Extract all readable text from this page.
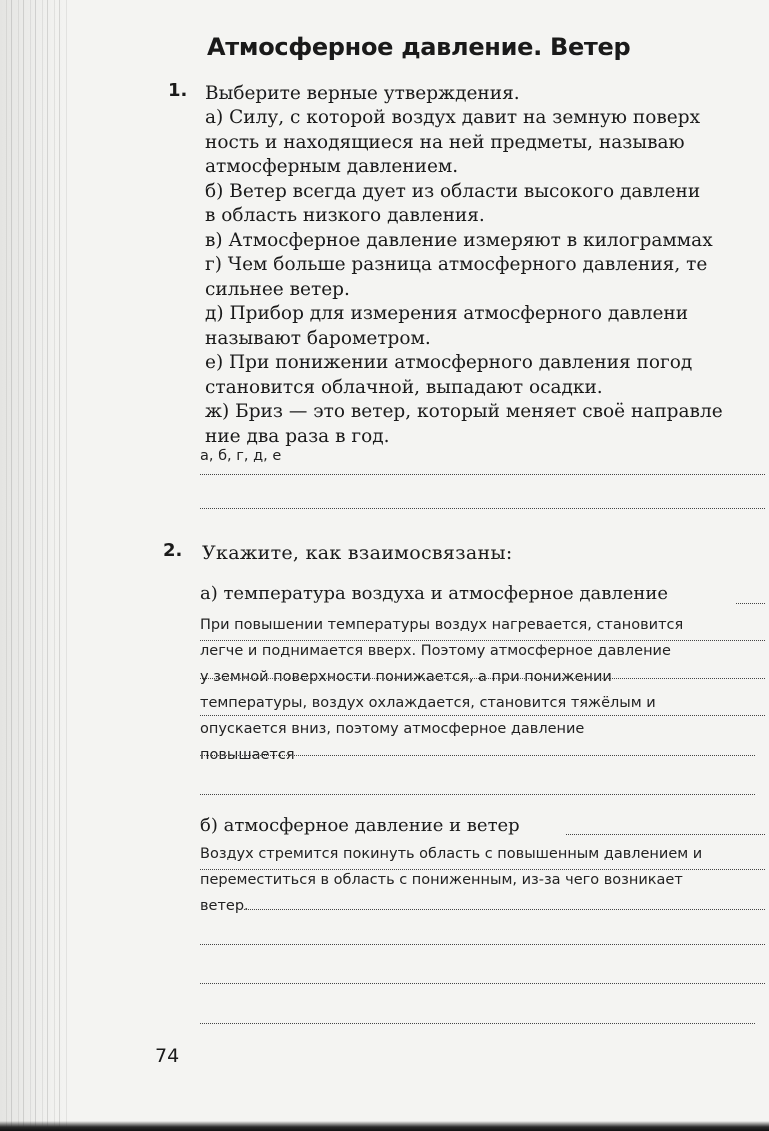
Атмосферное давление. Ветер
1. Выберите верные утверждения.
а) Силу, с которой воздух давит на земную поверх
ность и находящиеся на ней предметы, называю
атмосферным давлением.
б) Ветер всегда дует из области высокого давлени
в область низкого давления.
в) Атмосферное давление измеряют в килограммах
г) Чем больше разница атмосферного давления, те
сильнее ветер.
д) Прибор для измерения атмосферного давлени
называют барометром.
е) При понижении атмосферного давления погод
становится облачной, выпадают осадки.
ж) Бриз — это ветер, который меняет своё направле
ние два раза в год.
а, б, г, д, е
2. Укажите, как взаимосвязаны:
а) температура воздуха и атмосферное давление
При повышении температуры воздух нагревается, становится
легче и поднимается вверх. Поэтому атмосферное давление
у земной поверхности понижается, а при понижении
температуры, воздух охлаждается, становится тяжёлым и
опускается вниз, поэтому атмосферное давление
повышается
б) атмосферное давление и ветер
Воздух стремится покинуть область с повышенным давлением и
переместиться в область с пониженным, из-за чего возникает
ветер.
74
